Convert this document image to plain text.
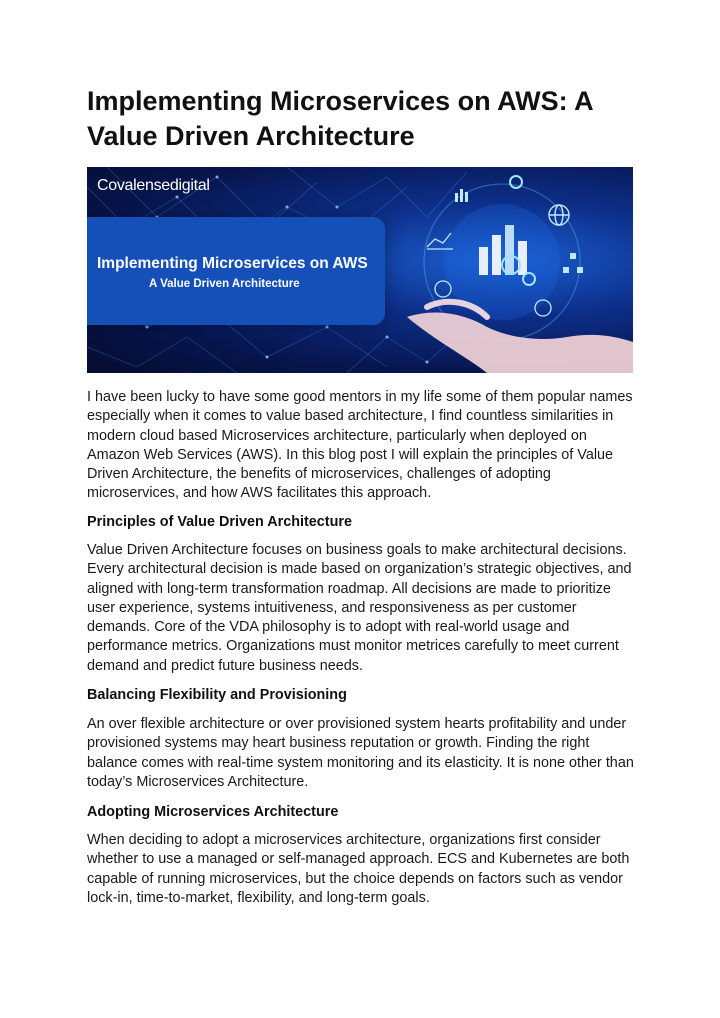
Implementing Microservices on AWS: A Value Driven Architecture
Covalensedigital
Implementing Microservices on AWS
A Value Driven Architecture

I have been lucky to have some good mentors in my life some of them popular names especially when it comes to value based architecture, I find countless similarities in modern cloud based Microservices architecture, particularly when deployed on Amazon Web Services (AWS). In this blog post I will explain the principles of Value Driven Architecture, the benefits of microservices, challenges of adopting microservices, and how AWS facilitates this approach.

Principles of Value Driven Architecture

Value Driven Architecture focuses on business goals to make architectural decisions. Every architectural decision is made based on organization’s strategic objectives, and aligned with long-term transformation roadmap. All decisions are made to prioritize user experience, systems intuitiveness, and responsiveness as per customer demands. Core of the VDA philosophy is to adopt with real-world usage and performance metrics. Organizations must monitor metrices carefully to meet current demand and predict future business needs.

Balancing Flexibility and Provisioning

An over flexible architecture or over provisioned system hearts profitability and under provisioned systems may heart business reputation or growth. Finding the right balance comes with real-time system monitoring and its elasticity. It is none other than today’s Microservices Architecture.

Adopting Microservices Architecture

When deciding to adopt a microservices architecture, organizations first consider whether to use a managed or self-managed approach. ECS and Kubernetes are both capable of running microservices, but the choice depends on factors such as vendor lock-in, time-to-market, flexibility, and long-term goals.
